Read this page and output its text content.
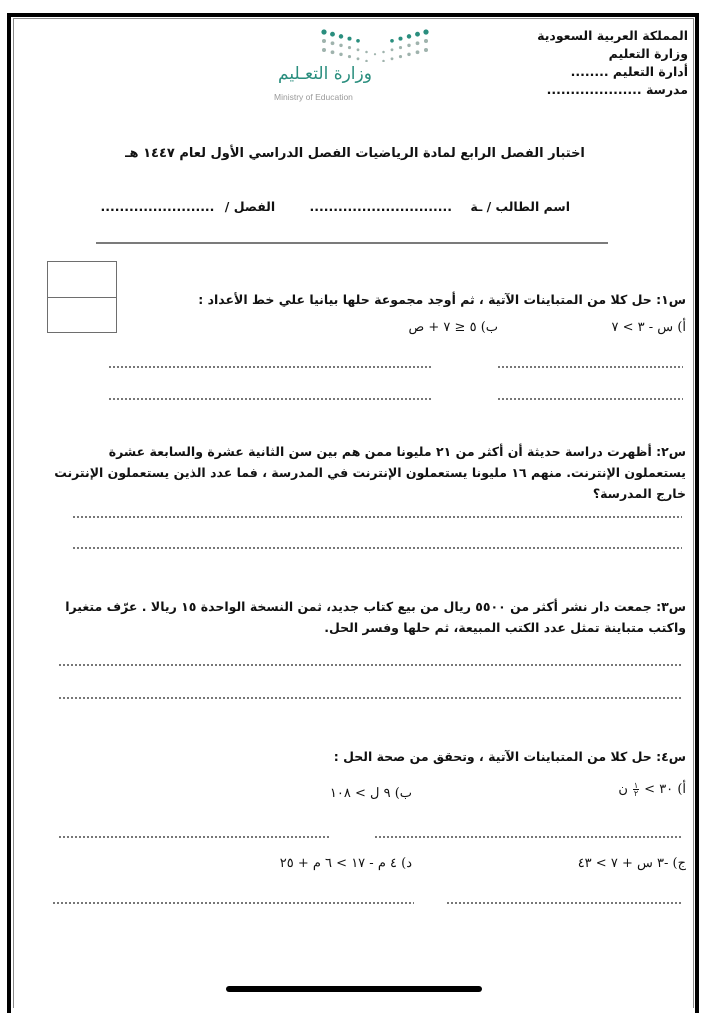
المملكة العربية السعودية
وزارة التعليم
أدارة التعليم ........
مدرسة ....................
وزارة التعـليم
Ministry of Education
اختبار الفصل الرابع لمادة الرياضيات الفصل الدراسي الأول لعام ١٤٤٧ هـ
اسم الطالب / ـة .............................. الفصل / ........................
س١: حل كلا من المتباينات الآتية ، ثم أوجد مجموعة حلها بيانيا علي خط الأعداد :
أ) س - ٣ > ٧
ب) ٥ ≤ ٧ + ص
س٢: أظهرت دراسة حديثة أن أكثر من ٢١ مليونا ممن هم بين سن الثانية عشرة والسابعة عشرة يستعملون الإنترنت. منهم ١٦ مليونا يستعملون الإنترنت في المدرسة ، فما عدد الذين يستعملون الإنترنت خارج المدرسة؟
س٣: جمعت دار نشر أكثر من ٥٥٠٠ ريال من بيع كتاب جديد، ثمن النسخة الواحدة ١٥ ريالا . عرّف متغيرا واكتب متباينة تمثل عدد الكتب المبيعة، ثم حلها وفسر الحل.
س٤: حل كلا من المتباينات الآتية ، وتحقق من صحة الحل :
أ) ٣٠ > $\frac{١}{٢}$ ن
ب) ٩ ل > ١٠٨
ج) -٣ س + ٧ > ٤٣
د) ٤ م - ١٧ > ٦ م + ٢٥
